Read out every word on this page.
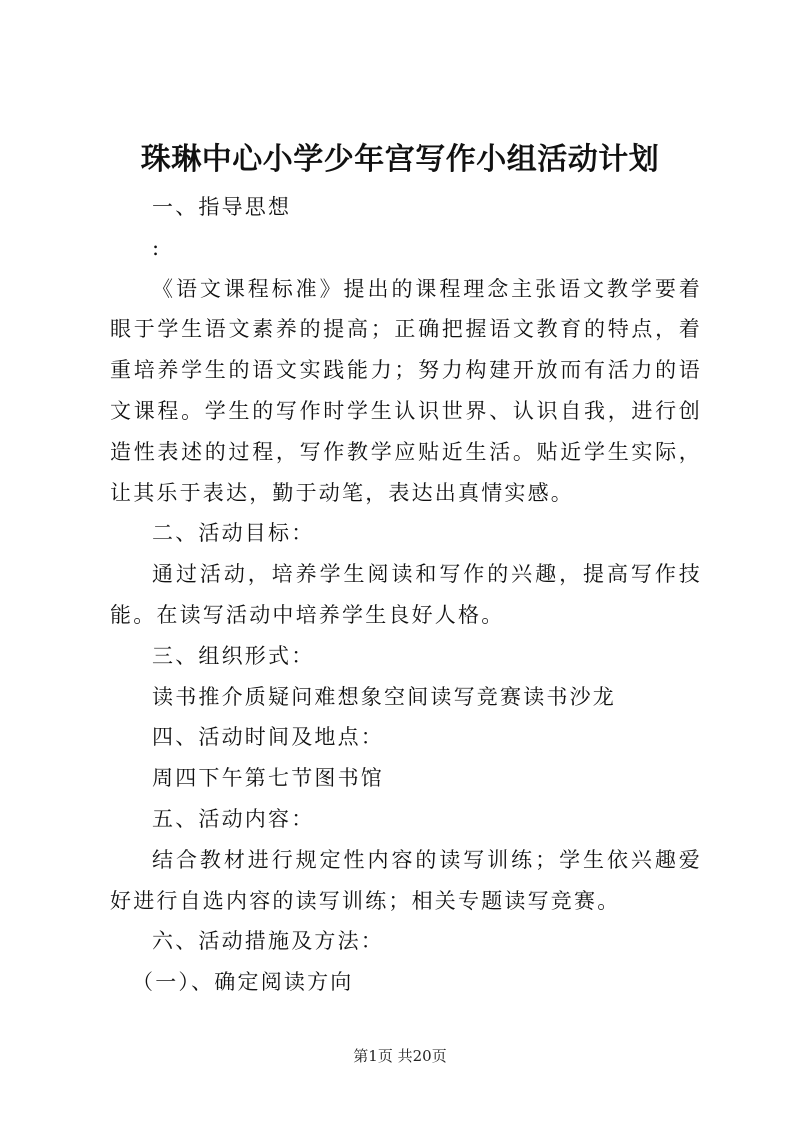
珠琳中心小学少年宫写作小组活动计划

一、指导思想

:

《语文课程标准》提出的课程理念主张语文教学要着眼于学生语文素养的提高；正确把握语文教育的特点，着重培养学生的语文实践能力；努力构建开放而有活力的语文课程。学生的写作时学生认识世界、认识自我，进行创造性表述的过程，写作教学应贴近生活。贴近学生实际，让其乐于表达，勤于动笔，表达出真情实感。

二、活动目标：

通过活动，培养学生阅读和写作的兴趣，提高写作技能。在读写活动中培养学生良好人格。

三、组织形式：

读书推介质疑问难想象空间读写竞赛读书沙龙

四、活动时间及地点：

周四下午第七节图书馆

五、活动内容：

结合教材进行规定性内容的读写训练；学生依兴趣爱好进行自选内容的读写训练；相关专题读写竞赛。

六、活动措施及方法：

（一）、确定阅读方向

第1页 共20页
